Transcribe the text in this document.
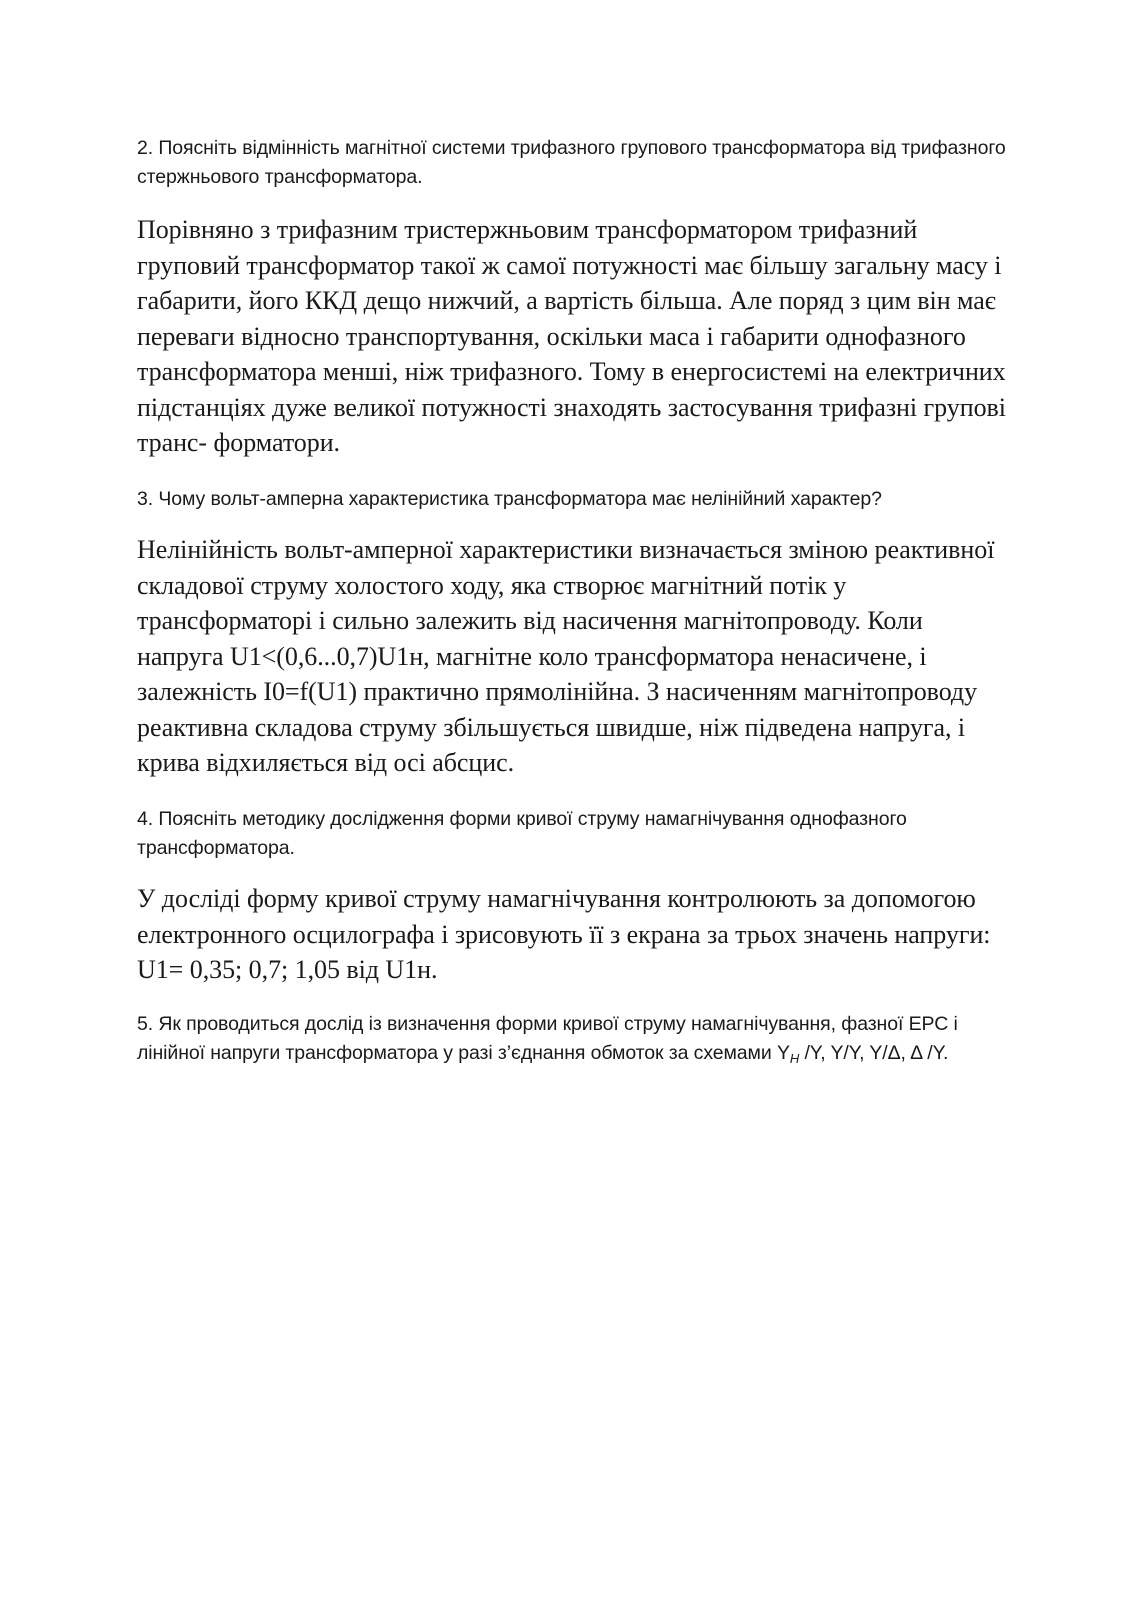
2. Поясніть відмінність магнітної системи трифазного групового трансформатора від трифазного стержньового трансформатора.

Порівняно з трифазним тристержньовим трансформатором трифазний груповий трансформатор такої ж самої потужності має більшу загальну масу і габарити, його ККД дещо нижчий, а вартість більша. Але поряд з цим він має переваги відносно транспортування, оскільки маса і габарити однофазного трансформатора менші, ніж трифазного. Тому в енергосистемі на електричних підстанціях дуже великої потужності знаходять застосування трифазні групові транс- форматори.

3. Чому вольт-амперна характеристика трансформатора має нелінійний характер?

Нелінійність вольт-амперної характеристики визначається зміною реактивної складової струму холостого ходу, яка створює магнітний потік у трансформаторі і сильно залежить від насичення магнітопроводу. Коли напруга U1<(0,6...0,7)U1н, магнітне коло трансформатора ненасичене, і залежність I0=f(U1) практично прямолінійна. З насиченням магнітопроводу реактивна складова струму збільшується швидше, ніж підведена напруга, і крива відхиляється від осі абсцис.

4. Поясніть методику дослідження форми кривої струму намагнічування однофазного трансформатора.

У досліді форму кривої струму намагнічування контролюють за допомогою електронного осцилографа і зрисовують її з екрана за трьох значень напруги: U1= 0,35; 0,7; 1,05 від U1н.

5. Як проводиться дослід із визначення форми кривої струму намагнічування, фазної ЕРС і лінійної напруги трансформатора у разі з’єднання обмоток за схемами $Y_H$ /Y, Y/Y, Y/Δ, Δ /Y.
